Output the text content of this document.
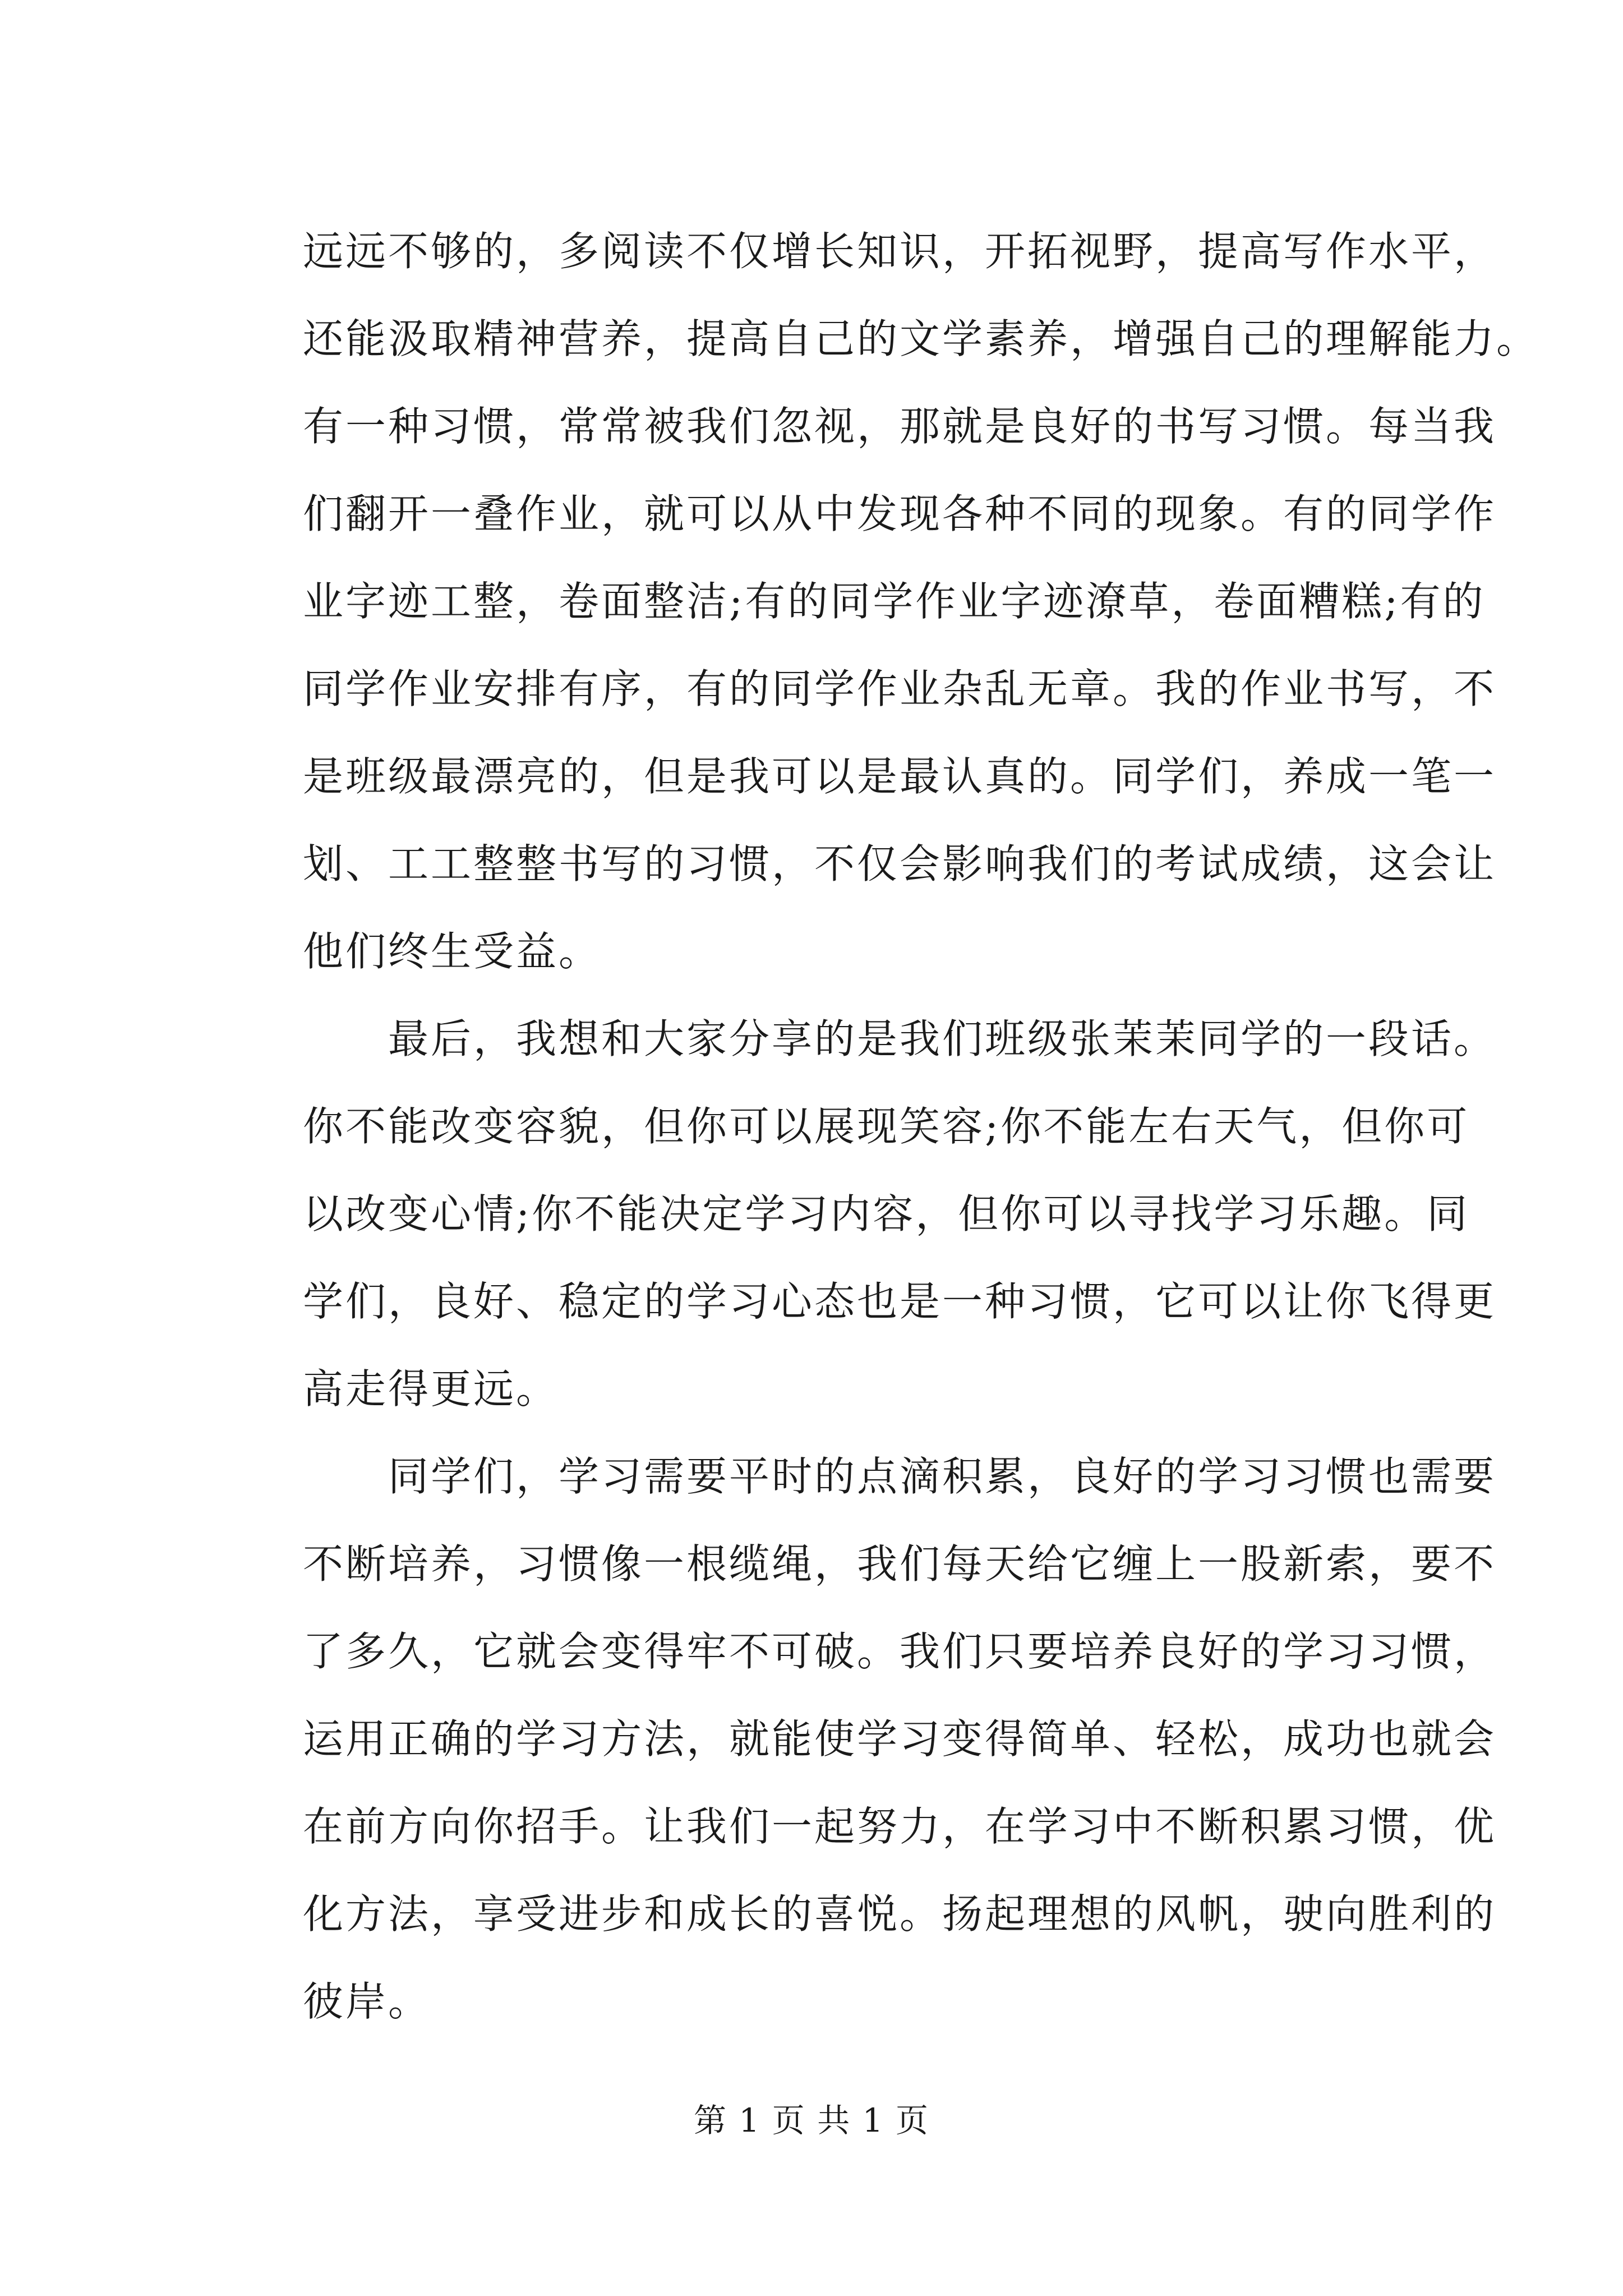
远远不够的，多阅读不仅增长知识，开拓视野，提高写作水平，
还能汲取精神营养，提高自己的文学素养，增强自己的理解能力。
有一种习惯，常常被我们忽视，那就是良好的书写习惯。每当我
们翻开一叠作业，就可以从中发现各种不同的现象。有的同学作
业字迹工整，卷面整洁;有的同学作业字迹潦草，卷面糟糕;有的
同学作业安排有序，有的同学作业杂乱无章。我的作业书写，不
是班级最漂亮的，但是我可以是最认真的。同学们，养成一笔一
划、工工整整书写的习惯，不仅会影响我们的考试成绩，这会让
他们终生受益。
　　最后，我想和大家分享的是我们班级张茉茉同学的一段话。
你不能改变容貌，但你可以展现笑容;你不能左右天气，但你可
以改变心情;你不能决定学习内容，但你可以寻找学习乐趣。同
学们，良好、稳定的学习心态也是一种习惯，它可以让你飞得更
高走得更远。
　　同学们，学习需要平时的点滴积累，良好的学习习惯也需要
不断培养，习惯像一根缆绳，我们每天给它缠上一股新索，要不
了多久，它就会变得牢不可破。我们只要培养良好的学习习惯，
运用正确的学习方法，就能使学习变得简单、轻松，成功也就会
在前方向你招手。让我们一起努力，在学习中不断积累习惯，优
化方法，享受进步和成长的喜悦。扬起理想的风帆，驶向胜利的
彼岸。
第 1 页 共 1 页
